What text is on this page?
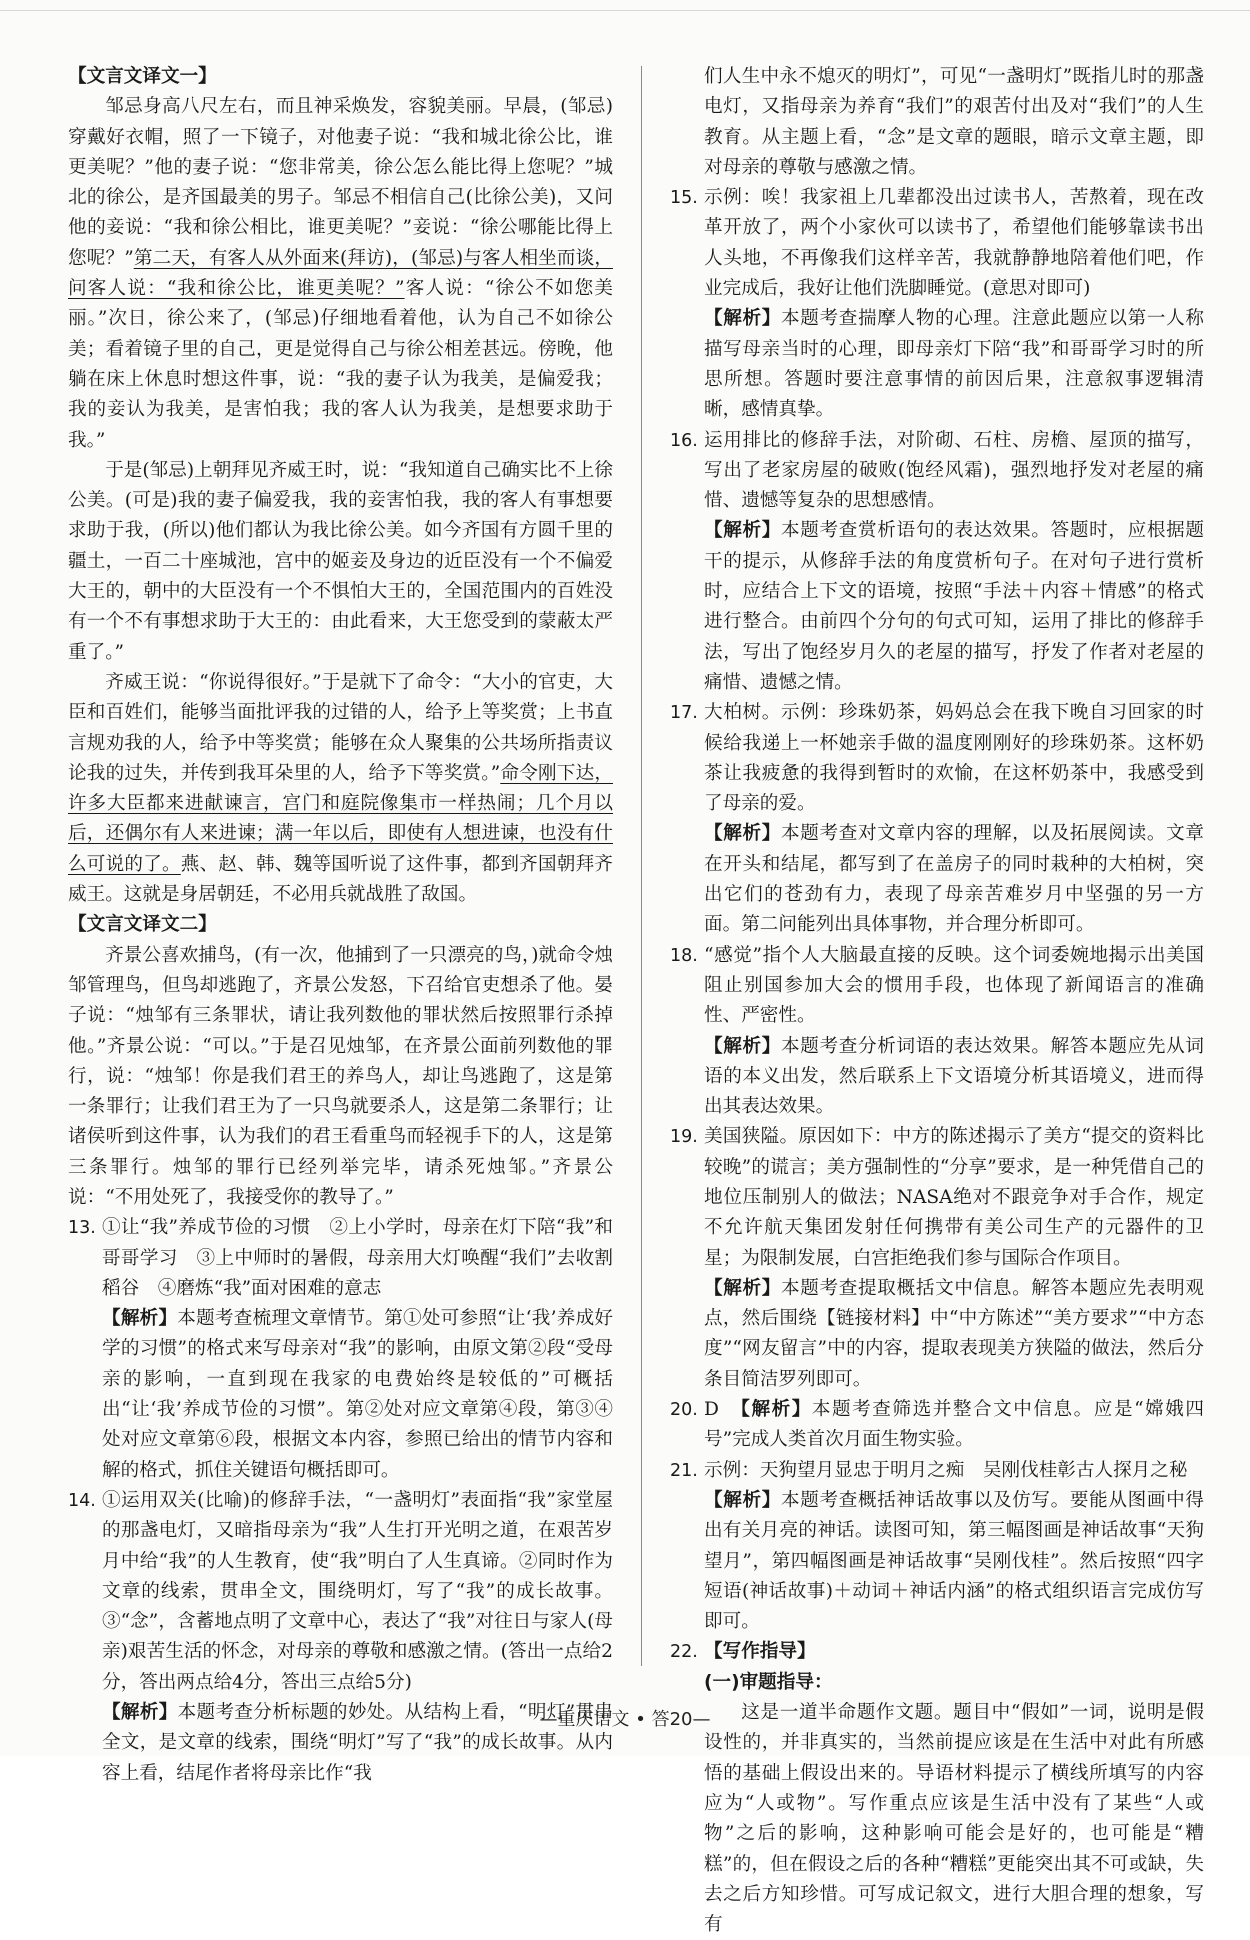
【文言文译文一】

邹忌身高八尺左右，而且神采焕发，容貌美丽。早晨，(邹忌)穿戴好衣帽，照了一下镜子，对他妻子说：“我和城北徐公比，谁更美呢？”他的妻子说：“您非常美，徐公怎么能比得上您呢？”城北的徐公，是齐国最美的男子。邹忌不相信自己(比徐公美)，又问他的妾说：“我和徐公相比，谁更美呢？”妾说：“徐公哪能比得上您呢？”第二天，有客人从外面来(拜访)，(邹忌)与客人相坐而谈，问客人说：“我和徐公比，谁更美呢？”客人说：“徐公不如您美丽。”次日，徐公来了，(邹忌)仔细地看着他，认为自己不如徐公美；看着镜子里的自己，更是觉得自己与徐公相差甚远。傍晚，他躺在床上休息时想这件事，说：“我的妻子认为我美，是偏爱我；我的妾认为我美，是害怕我；我的客人认为我美，是想要求助于我。”

于是(邹忌)上朝拜见齐威王时，说：“我知道自己确实比不上徐公美。(可是)我的妻子偏爱我，我的妾害怕我，我的客人有事想要求助于我，(所以)他们都认为我比徐公美。如今齐国有方圆千里的疆土，一百二十座城池，宫中的姬妾及身边的近臣没有一个不偏爱大王的，朝中的大臣没有一个不惧怕大王的，全国范围内的百姓没有一个不有事想求助于大王的：由此看来，大王您受到的蒙蔽太严重了。”

齐威王说：“你说得很好。”于是就下了命令：“大小的官吏，大臣和百姓们，能够当面批评我的过错的人，给予上等奖赏；上书直言规劝我的人，给予中等奖赏；能够在众人聚集的公共场所指责议论我的过失，并传到我耳朵里的人，给予下等奖赏。”命令刚下达，许多大臣都来进献谏言，宫门和庭院像集市一样热闹；几个月以后，还偶尔有人来进谏；满一年以后，即使有人想进谏，也没有什么可说的了。燕、赵、韩、魏等国听说了这件事，都到齐国朝拜齐威王。这就是身居朝廷，不必用兵就战胜了敌国。

【文言文译文二】

齐景公喜欢捕鸟，(有一次，他捕到了一只漂亮的鸟，)就命令烛邹管理鸟，但鸟却逃跑了，齐景公发怒，下召给官吏想杀了他。晏子说：“烛邹有三条罪状，请让我列数他的罪状然后按照罪行杀掉他。”齐景公说：“可以。”于是召见烛邹，在齐景公面前列数他的罪行，说：“烛邹！你是我们君王的养鸟人，却让鸟逃跑了，这是第一条罪行；让我们君王为了一只鸟就要杀人，这是第二条罪行；让诸侯听到这件事，认为我们的君王看重鸟而轻视手下的人，这是第三条罪行。烛邹的罪行已经列举完毕，请杀死烛邹。”齐景公说：“不用处死了，我接受你的教导了。”

13. ①让“我”养成节俭的习惯　②上小学时，母亲在灯下陪“我”和哥哥学习　③上中师时的暑假，母亲用大灯唤醒“我们”去收割稻谷　④磨炼“我”面对困难的意志

【解析】本题考查梳理文章情节。第①处可参照“让‘我’养成好学的习惯”的格式来写母亲对“我”的影响，由原文第②段“受母亲的影响，一直到现在我家的电费始终是较低的”可概括出“让‘我’养成节俭的习惯”。第②处对应文章第④段，第③④处对应文章第⑥段，根据文本内容，参照已给出的情节内容和解的格式，抓住关键语句概括即可。

14. ①运用双关(比喻)的修辞手法，“一盏明灯”表面指“我”家堂屋的那盏电灯，又暗指母亲为“我”人生打开光明之道，在艰苦岁月中给“我”的人生教育，使“我”明白了人生真谛。②同时作为文章的线索，贯串全文，围绕明灯，写了“我”的成长故事。③“念”，含蓄地点明了文章中心，表达了“我”对往日与家人(母亲)艰苦生活的怀念，对母亲的尊敬和感激之情。(答出一点给2分，答出两点给4分，答出三点给5分)

【解析】本题考查分析标题的妙处。从结构上看，“明灯”贯串全文，是文章的线索，围绕“明灯”写了“我”的成长故事。从内容上看，结尾作者将母亲比作“我

们人生中永不熄灭的明灯”，可见“一盏明灯”既指儿时的那盏电灯，又指母亲为养育“我们”的艰苦付出及对“我们”的人生教育。从主题上看，“念”是文章的题眼，暗示文章主题，即对母亲的尊敬与感激之情。

15. 示例：唉！我家祖上几辈都没出过读书人，苦熬着，现在改革开放了，两个小家伙可以读书了，希望他们能够靠读书出人头地，不再像我们这样辛苦，我就静静地陪着他们吧，作业完成后，我好让他们洗脚睡觉。(意思对即可)

【解析】本题考查揣摩人物的心理。注意此题应以第一人称描写母亲当时的心理，即母亲灯下陪“我”和哥哥学习时的所思所想。答题时要注意事情的前因后果，注意叙事逻辑清晰，感情真挚。

16. 运用排比的修辞手法，对阶砌、石柱、房檐、屋顶的描写，写出了老家房屋的破败(饱经风霜)，强烈地抒发对老屋的痛惜、遗憾等复杂的思想感情。

【解析】本题考查赏析语句的表达效果。答题时，应根据题干的提示，从修辞手法的角度赏析句子。在对句子进行赏析时，应结合上下文的语境，按照“手法＋内容＋情感”的格式进行整合。由前四个分句的句式可知，运用了排比的修辞手法，写出了饱经岁月久的老屋的描写，抒发了作者对老屋的痛惜、遗憾之情。

17. 大柏树。示例：珍珠奶茶，妈妈总会在我下晚自习回家的时候给我递上一杯她亲手做的温度刚刚好的珍珠奶茶。这杯奶茶让我疲惫的我得到暂时的欢愉，在这杯奶茶中，我感受到了母亲的爱。

【解析】本题考查对文章内容的理解，以及拓展阅读。文章在开头和结尾，都写到了在盖房子的同时栽种的大柏树，突出它们的苍劲有力，表现了母亲苦难岁月中坚强的另一方面。第二问能列出具体事物，并合理分析即可。

18. “感觉”指个人大脑最直接的反映。这个词委婉地揭示出美国阻止别国参加大会的惯用手段，也体现了新闻语言的准确性、严密性。

【解析】本题考查分析词语的表达效果。解答本题应先从词语的本义出发，然后联系上下文语境分析其语境义，进而得出其表达效果。

19. 美国狭隘。原因如下：中方的陈述揭示了美方“提交的资料比较晚”的谎言；美方强制性的“分享”要求，是一种凭借自己的地位压制别人的做法；NASA绝对不跟竞争对手合作，规定不允许航天集团发射任何携带有美公司生产的元器件的卫星；为限制发展，白宫拒绝我们参与国际合作项目。

【解析】本题考查提取概括文中信息。解答本题应先表明观点，然后围绕【链接材料】中“中方陈述”“美方要求”“中方态度”“网友留言”中的内容，提取表现美方狭隘的做法，然后分条目简洁罗列即可。

20. D　 【解析】本题考查筛选并整合文中信息。应是“嫦娥四号”完成人类首次月面生物实验。

21. 示例：天狗望月显忠于明月之痴　吴刚伐桂彰古人探月之秘

【解析】本题考查概括神话故事以及仿写。要能从图画中得出有关月亮的神话。读图可知，第三幅图画是神话故事“天狗望月”，第四幅图画是神话故事“吴刚伐桂”。然后按照“四字短语(神话故事)＋动词＋神话内涵”的格式组织语言完成仿写即可。

22. 【写作指导】

(一)审题指导：

这是一道半命题作文题。题目中“假如”一词，说明是假设性的，并非真实的，当然前提应该是在生活中对此有所感悟的基础上假设出来的。导语材料提示了横线所填写的内容应为“人或物”。写作重点应该是生活中没有了某些“人或物”之后的影响，这种影响可能会是好的，也可能是“糟糕”的，但在假设之后的各种“糟糕”更能突出其不可或缺，失去之后方知珍惜。可写成记叙文，进行大胆合理的想象，写有

—重庆语文 • 答20—
